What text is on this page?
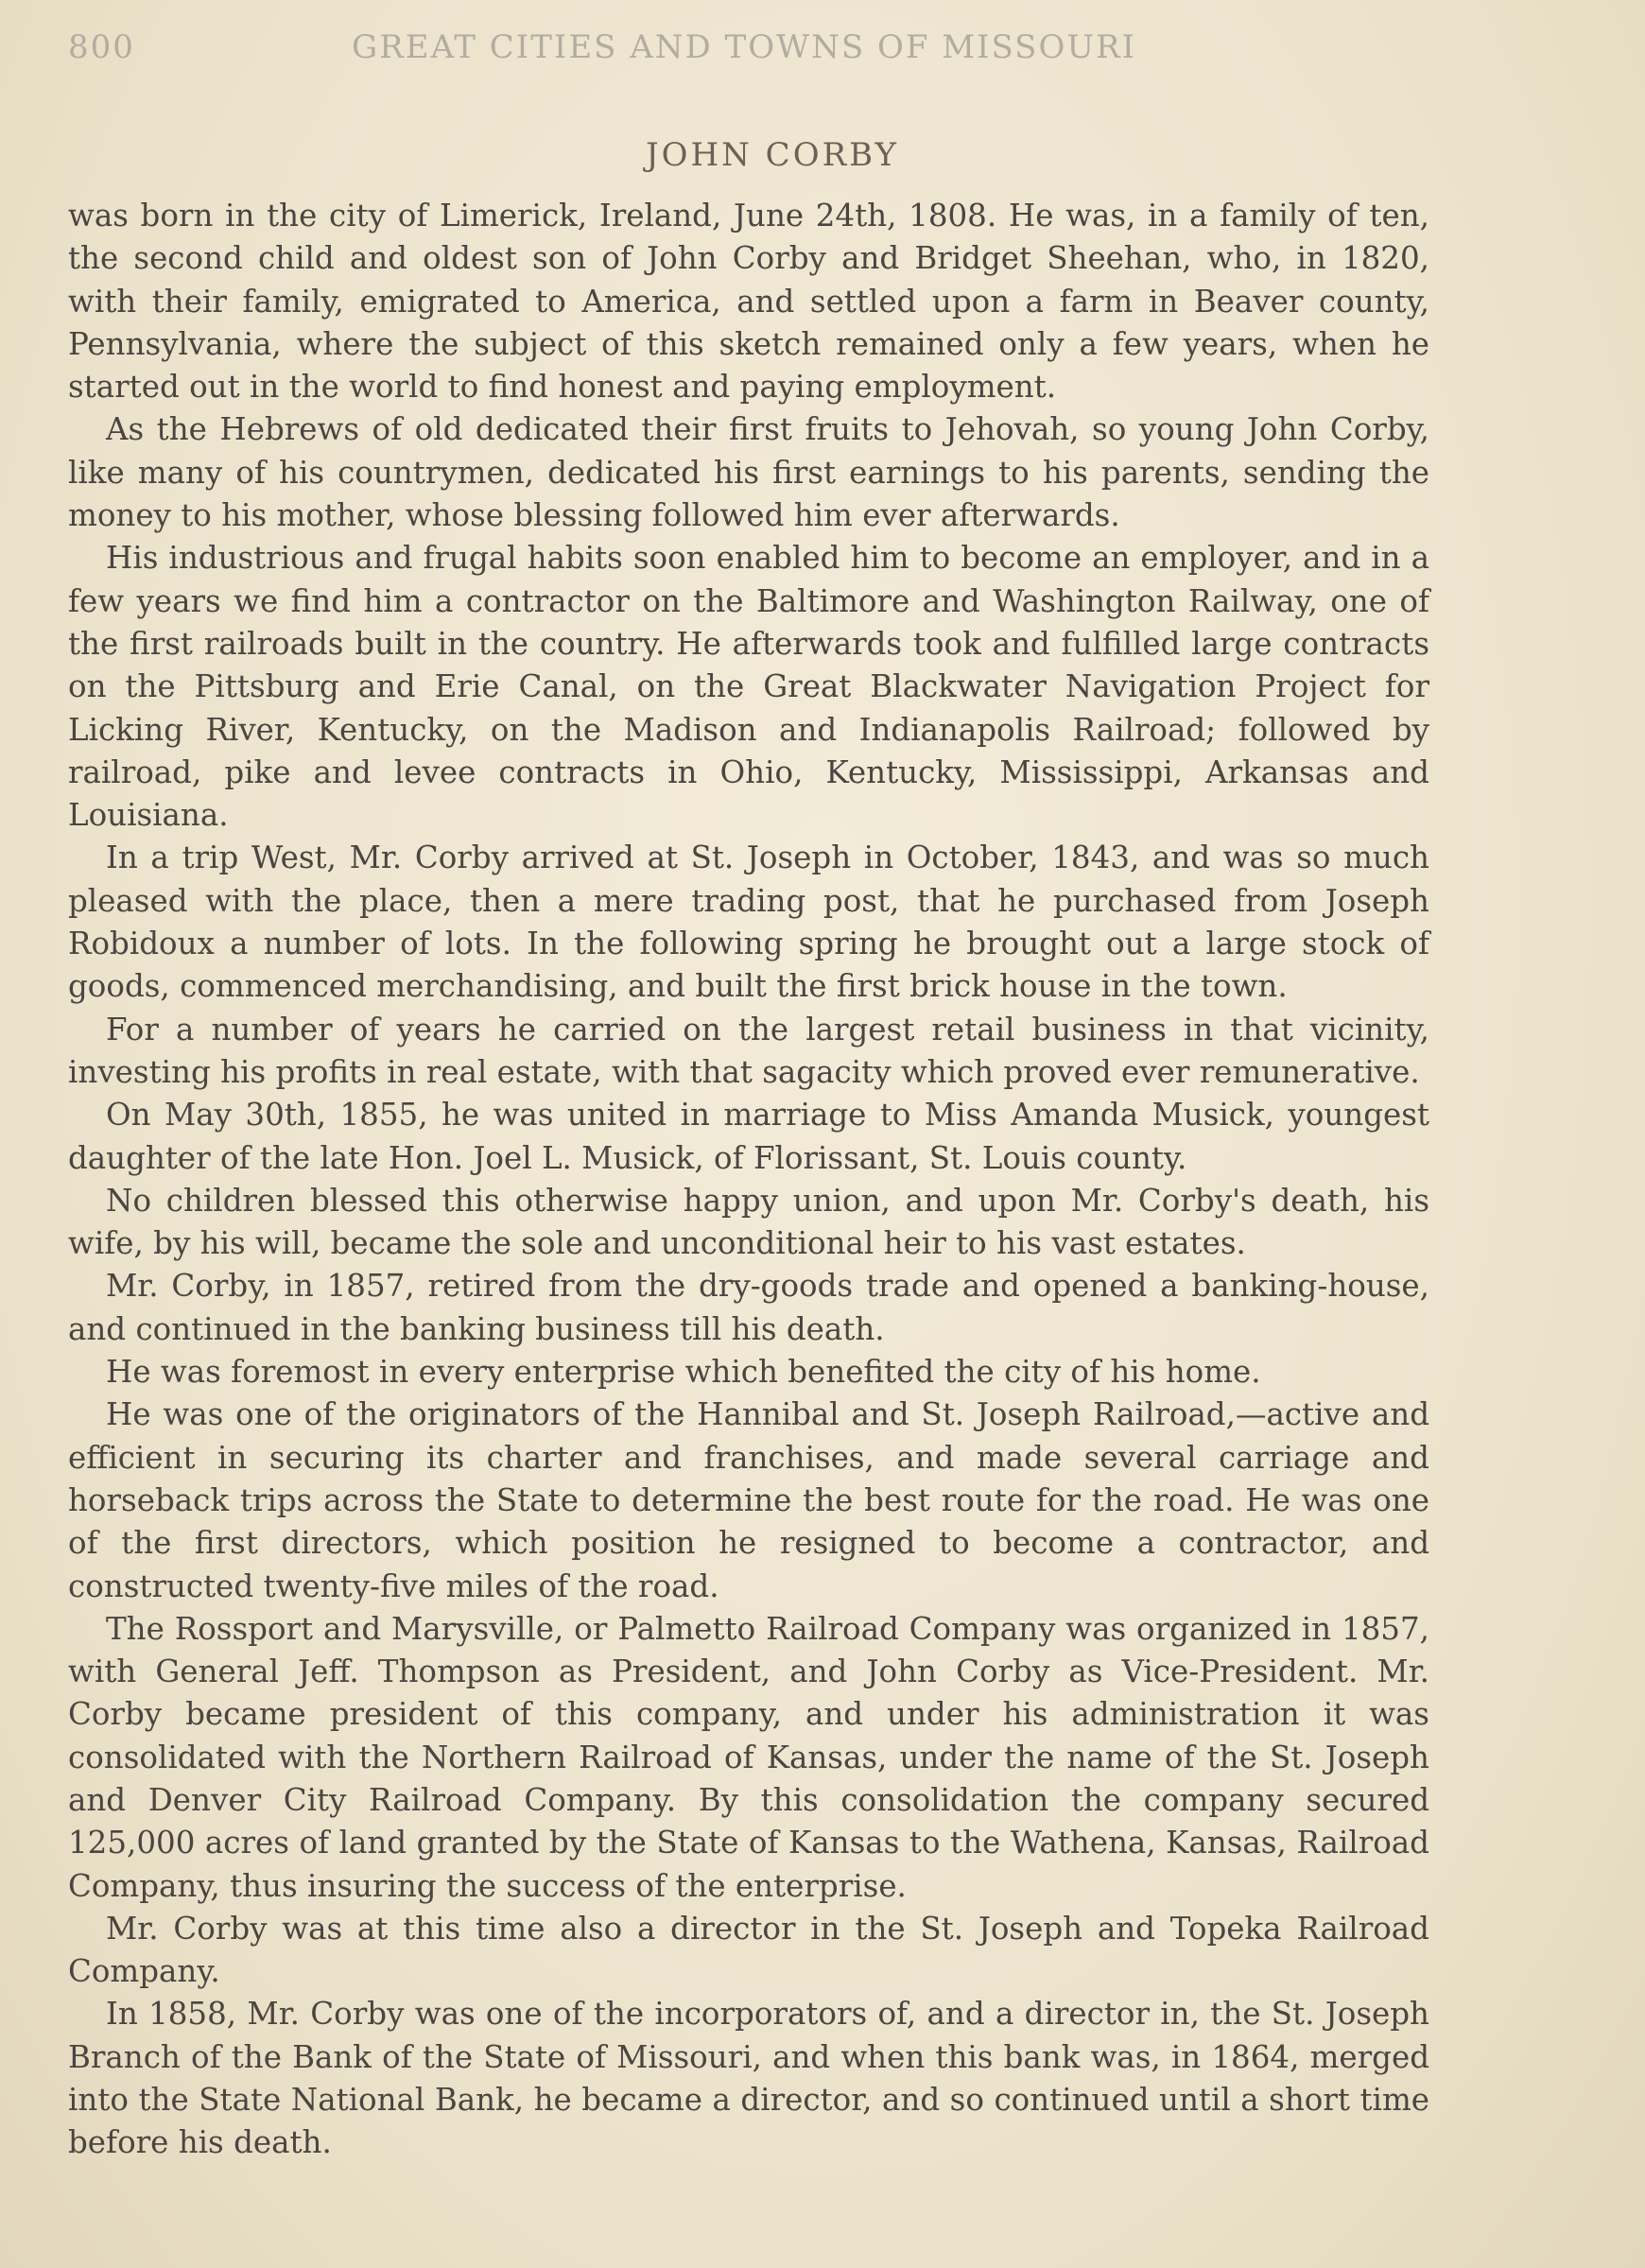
800	GREAT CITIES AND TOWNS OF MISSOURI
JOHN CORBY

was born in the city of Limerick, Ireland, June 24th, 1808. He was, in a family of ten, the second child and oldest son of John Corby and Bridget Sheehan, who, in 1820, with their family, emigrated to America, and settled upon a farm in Beaver county, Pennsylvania, where the subject of this sketch remained only a few years, when he started out in the world to find honest and paying employment.

As the Hebrews of old dedicated their first fruits to Jehovah, so young John Corby, like many of his countrymen, dedicated his first earnings to his parents, sending the money to his mother, whose blessing followed him ever afterwards.

His industrious and frugal habits soon enabled him to become an employer, and in a few years we find him a contractor on the Baltimore and Washington Railway, one of the first railroads built in the country. He afterwards took and fulfilled large contracts on the Pittsburg and Erie Canal, on the Great Blackwater Navigation Project for Licking River, Kentucky, on the Madison and Indianapolis Railroad; followed by railroad, pike and levee contracts in Ohio, Kentucky, Mississippi, Arkansas and Louisiana.

In a trip West, Mr. Corby arrived at St. Joseph in October, 1843, and was so much pleased with the place, then a mere trading post, that he purchased from Joseph Robidoux a number of lots. In the following spring he brought out a large stock of goods, commenced merchandising, and built the first brick house in the town.

For a number of years he carried on the largest retail business in that vicinity, investing his profits in real estate, with that sagacity which proved ever remunerative.

On May 30th, 1855, he was united in marriage to Miss Amanda Musick, youngest daughter of the late Hon. Joel L. Musick, of Florissant, St. Louis county.

No children blessed this otherwise happy union, and upon Mr. Corby's death, his wife, by his will, became the sole and unconditional heir to his vast estates.

Mr. Corby, in 1857, retired from the dry-goods trade and opened a banking-house, and continued in the banking business till his death.

He was foremost in every enterprise which benefited the city of his home.

He was one of the originators of the Hannibal and St. Joseph Railroad,—active and efficient in securing its charter and franchises, and made several carriage and horseback trips across the State to determine the best route for the road. He was one of the first directors, which position he resigned to become a contractor, and constructed twenty-five miles of the road.

The Rossport and Marysville, or Palmetto Railroad Company was organized in 1857, with General Jeff. Thompson as President, and John Corby as Vice-President. Mr. Corby became president of this company, and under his administration it was consolidated with the Northern Railroad of Kansas, under the name of the St. Joseph and Denver City Railroad Company. By this consolidation the company secured 125,000 acres of land granted by the State of Kansas to the Wathena, Kansas, Railroad Company, thus insuring the success of the enterprise.

Mr. Corby was at this time also a director in the St. Joseph and Topeka Railroad Company.

In 1858, Mr. Corby was one of the incorporators of, and a director in, the St. Joseph Branch of the Bank of the State of Missouri, and when this bank was, in 1864, merged into the State National Bank, he became a director, and so continued until a short time before his death.
